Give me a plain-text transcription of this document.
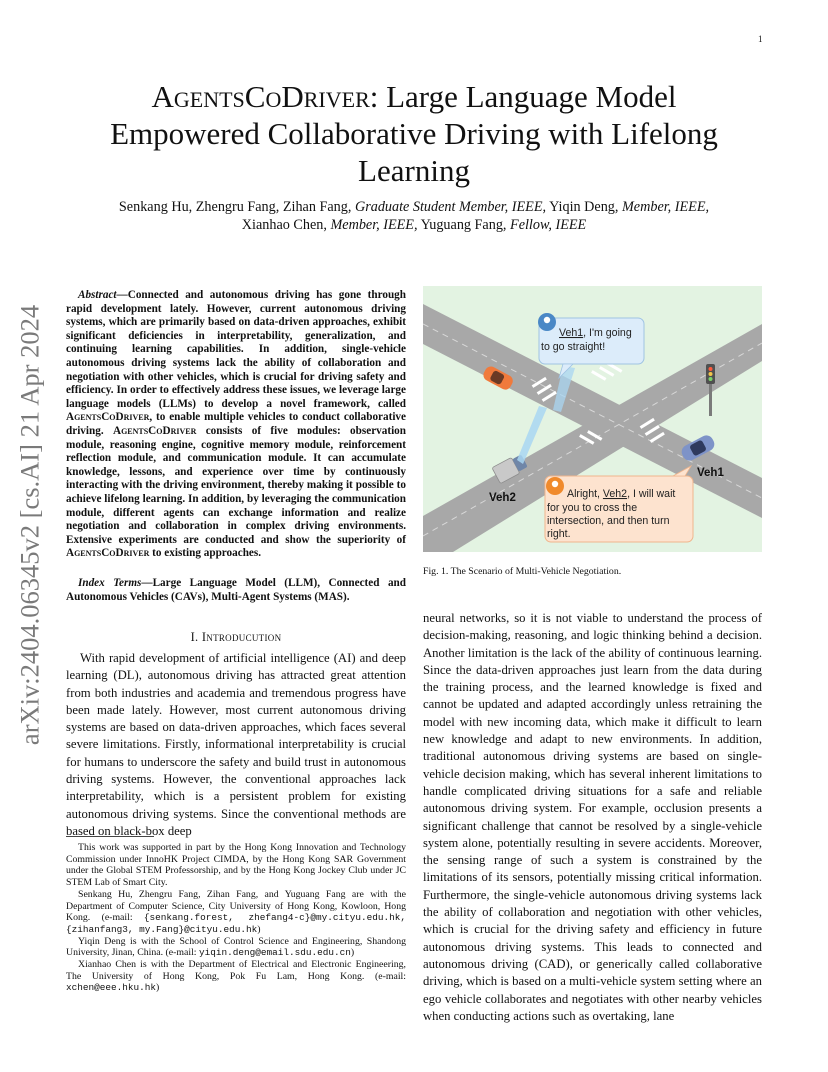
1
arXiv:2404.06345v2 [cs.AI] 21 Apr 2024
AgentsCoDriver: Large Language Model
Empowered Collaborative Driving with Lifelong
Learning
Senkang Hu, Zhengru Fang, Zihan Fang, Graduate Student Member, IEEE, Yiqin Deng, Member, IEEE,
Xianhao Chen, Member, IEEE, Yuguang Fang, Fellow, IEEE
Abstract—Connected and autonomous driving has gone through rapid development lately. However, current autonomous driving systems, which are primarily based on data-driven approaches, exhibit significant deficiencies in interpretability, generalization, and continuing learning capabilities. In addition, single-vehicle autonomous driving systems lack the ability of collaboration and negotiation with other vehicles, which is crucial for driving safety and efficiency. In order to effectively address these issues, we leverage large language models (LLMs) to develop a novel framework, called AgentsCoDriver, to enable multiple vehicles to conduct collaborative driving. AgentsCoDriver consists of five modules: observation module, reasoning engine, cognitive memory module, reinforcement reflection module, and communication module. It can accumulate knowledge, lessons, and experience over time by continuously interacting with the driving environment, thereby making it possible to achieve lifelong learning. In addition, by leveraging the communication module, different agents can exchange information and realize negotiation and collaboration in complex driving environments. Extensive experiments are conducted and show the superiority of AgentsCoDriver to existing approaches.
Index Terms—Large Language Model (LLM), Connected and Autonomous Vehicles (CAVs), Multi-Agent Systems (MAS).
I. Introducution
With rapid development of artificial intelligence (AI) and deep learning (DL), autonomous driving has attracted great attention from both industries and academia and tremendous progress have been made lately. However, most current autonomous driving systems are based on data-driven approaches, which faces several severe limitations. Firstly, informational interpretability is crucial for humans to underscore the safety and build trust in autonomous driving systems. However, the conventional approaches lack interpretability, which is a persistent problem for existing autonomous driving systems. Since the conventional methods are based on black-box deep

This work was supported in part by the Hong Kong Innovation and Technology Commission under InnoHK Project CIMDA, by the Hong Kong SAR Government under the Global STEM Professorship, and by the Hong Kong Jockey Club under JC STEM Lab of Smart City.

Senkang Hu, Zhengru Fang, Zihan Fang, and Yuguang Fang are with the Department of Computer Science, City University of Hong Kong, Kowloon, Hong Kong. (e-mail: {senkang.forest, zhefang4-c}@my.cityu.edu.hk, {zihanfang3, my.Fang}@cityu.edu.hk)

Yiqin Deng is with the School of Control Science and Engineering, Shandong University, Jinan, China. (e-mail: yiqin.deng@email.sdu.edu.cn)

Xianhao Chen is with the Department of Electrical and Electronic Engineering, The University of Hong Kong, Pok Fu Lam, Hong Kong. (e-mail: xchen@eee.hku.hk)

Veh1, I'm going
to go straight!
Alright, Veh2, I will wait
for you to cross the
intersection, and then turn
right.
Veh1
Veh2
Fig. 1. The Scenario of Multi-Vehicle Negotiation.
neural networks, so it is not viable to understand the process of decision-making, reasoning, and logic thinking behind a decision. Another limitation is the lack of the ability of continuous learning. Since the data-driven approaches just learn from the data during the training process, and the learned knowledge is fixed and cannot be updated and adapted accordingly unless retraining the model with new incoming data, which make it difficult to learn new knowledge and adapt to new environments. In addition, traditional autonomous driving systems are based on single-vehicle decision making, which has several inherent limitations to handle complicated driving situations for a safe and reliable autonomous driving system. For example, occlusion presents a significant challenge that cannot be resolved by a single-vehicle system alone, potentially resulting in severe accidents. Moreover, the sensing range of such a system is constrained by the limitations of its sensors, potentially missing critical information. Furthermore, the single-vehicle autonomous driving systems lack the ability of collaboration and negotiation with other vehicles, which is crucial for the driving safety and efficiency in future autonomous driving systems. This leads to connected and autonomous driving (CAD), or generically called collaborative driving, which is based on a multi-vehicle system setting where an ego vehicle collaborates and negotiates with other nearby vehicles when conducting actions such as overtaking, lane
